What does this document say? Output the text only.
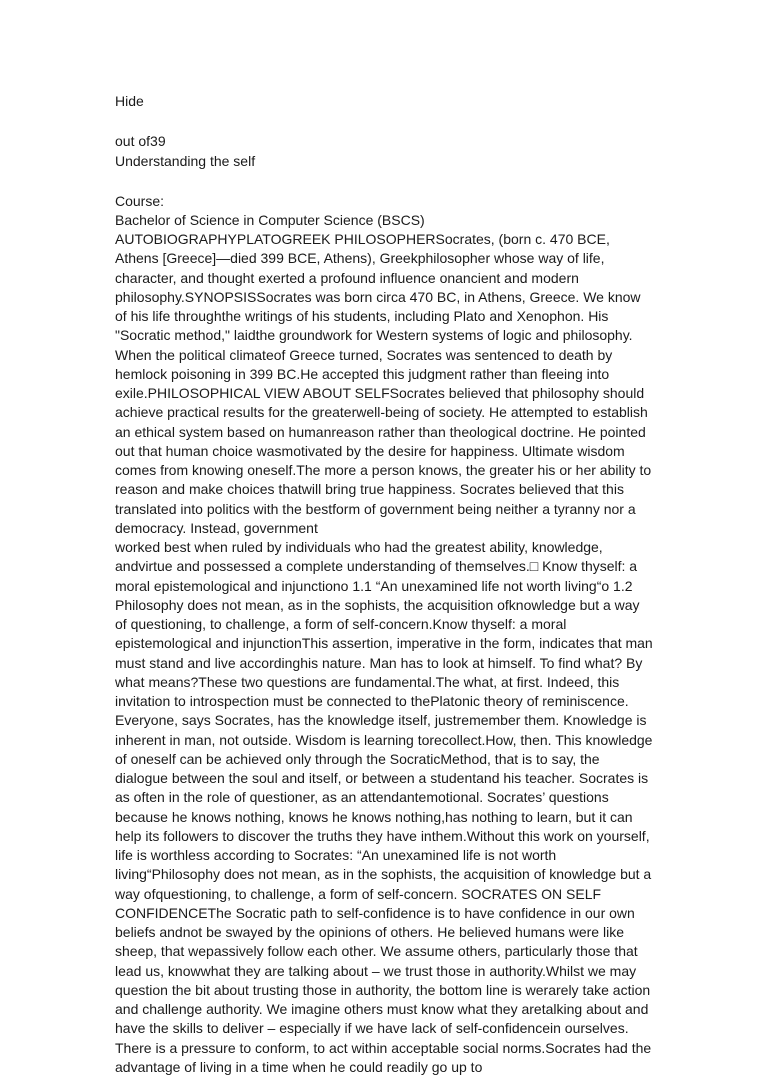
Hide
out of39
Understanding the self
Course:
Bachelor of Science in Computer Science (BSCS)

AUTOBIOGRAPHYPLATOGREEK PHILOSOPHERSocrates, (born c. 470 BCE, Athens [Greece]—died 399 BCE, Athens), Greekphilosopher whose way of life, character, and thought exerted a profound influence onancient and modern philosophy.SYNOPSISSocrates was born circa 470 BC, in Athens, Greece. We know of his life throughthe writings of his students, including Plato and Xenophon. His "Socratic method," laidthe groundwork for Western systems of logic and philosophy. When the political climateof Greece turned, Socrates was sentenced to death by hemlock poisoning in 399 BC.He accepted this judgment rather than fleeing into exile.PHILOSOPHICAL VIEW ABOUT SELFSocrates believed that philosophy should achieve practical results for the greaterwell-being of society. He attempted to establish an ethical system based on humanreason rather than theological doctrine. He pointed out that human choice wasmotivated by the desire for happiness. Ultimate wisdom comes from knowing oneself.The more a person knows, the greater his or her ability to reason and make choices thatwill bring true happiness. Socrates believed that this translated into politics with the bestform of government being neither a tyranny nor a democracy. Instead, government

worked best when ruled by individuals who had the greatest ability, knowledge, andvirtue and possessed a complete understanding of themselves.□ Know thyself: a moral epistemological and injunctiono 1.1 “An unexamined life not worth living“o 1.2 Philosophy does not mean, as in the sophists, the acquisition ofknowledge but a way of questioning, to challenge, a form of self-concern.Know thyself: a moral epistemological and injunctionThis assertion, imperative in the form, indicates that man must stand and live accordinghis nature. Man has to look at himself. To find what? By what means?These two questions are fundamental.The what, at first. Indeed, this invitation to introspection must be connected to thePlatonic theory of reminiscence. Everyone, says Socrates, has the knowledge itself, justremember them. Knowledge is inherent in man, not outside. Wisdom is learning torecollect.How, then. This knowledge of oneself can be achieved only through the SocraticMethod, that is to say, the dialogue between the soul and itself, or between a studentand his teacher. Socrates is as often in the role of questioner, as an attendantemotional. Socrates’ questions because he knows nothing, knows he knows nothing,has nothing to learn, but it can help its followers to discover the truths they have inthem.Without this work on yourself, life is worthless according to Socrates: “An unexamined life is not worth living“Philosophy does not mean, as in the sophists, the acquisition of knowledge but a way ofquestioning, to challenge, a form of self-concern. SOCRATES ON SELF CONFIDENCEThe Socratic path to self-confidence is to have confidence in our own beliefs andnot be swayed by the opinions of others. He believed humans were like sheep, that wepassively follow each other. We assume others, particularly those that lead us, knowwhat they are talking about – we trust those in authority.Whilst we may question the bit about trusting those in authority, the bottom line is werarely take action and challenge authority. We imagine others must know what they aretalking about and have the skills to deliver – especially if we have lack of self-confidencein ourselves. There is a pressure to conform, to act within acceptable social norms.Socrates had the advantage of living in a time when he could readily go up to
